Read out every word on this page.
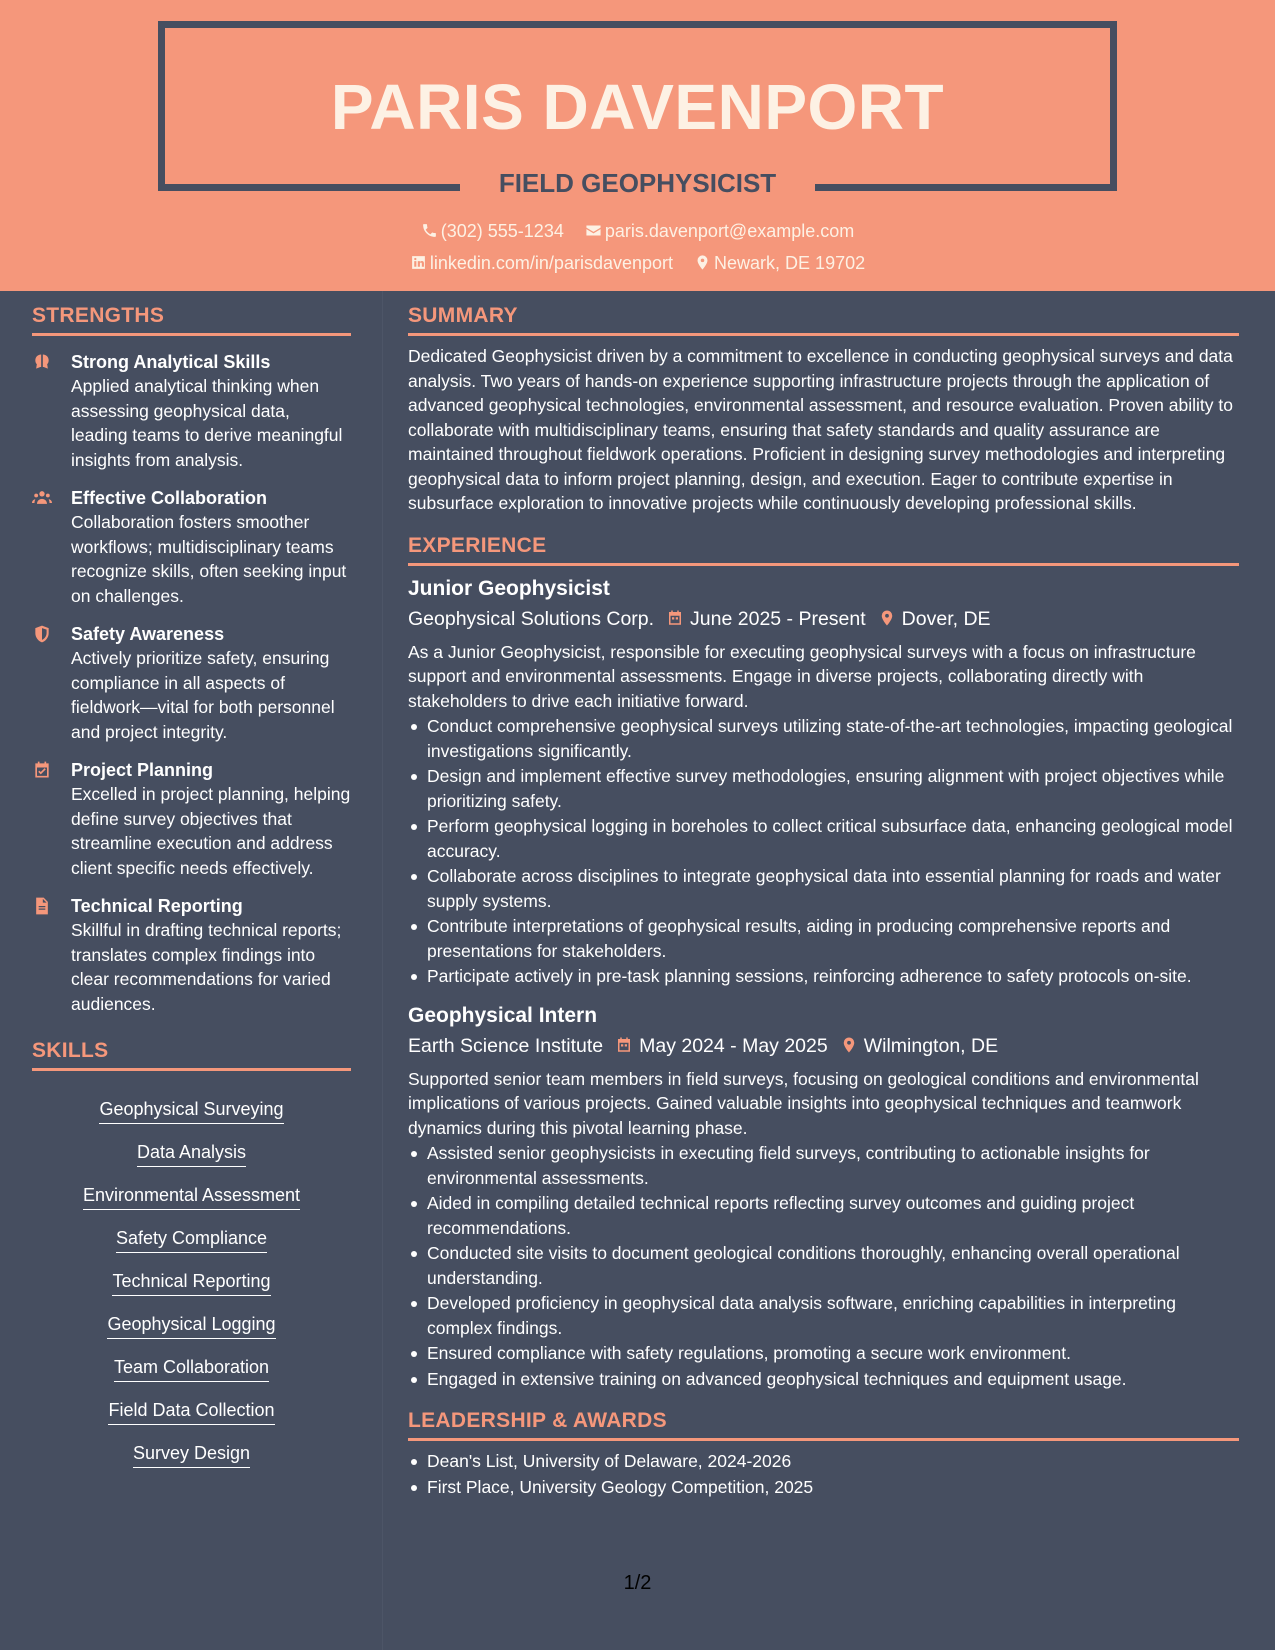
PARIS DAVENPORT
FIELD GEOPHYSICIST
(302) 555-1234 paris.davenport@example.com
linkedin.com/in/parisdavenport Newark, DE 19702
STRENGTHS
Strong Analytical Skills
Applied analytical thinking when assessing geophysical data, leading teams to derive meaningful insights from analysis.
Effective Collaboration
Collaboration fosters smoother workflows; multidisciplinary teams recognize skills, often seeking input on challenges.
Safety Awareness
Actively prioritize safety, ensuring compliance in all aspects of fieldwork—vital for both personnel and project integrity.
Project Planning
Excelled in project planning, helping define survey objectives that streamline execution and address client specific needs effectively.
Technical Reporting
Skillful in drafting technical reports; translates complex findings into clear recommendations for varied audiences.
SKILLS
Geophysical Surveying
Data Analysis
Environmental Assessment
Safety Compliance
Technical Reporting
Geophysical Logging
Team Collaboration
Field Data Collection
Survey Design
SUMMARY
Dedicated Geophysicist driven by a commitment to excellence in conducting geophysical surveys and data analysis. Two years of hands-on experience supporting infrastructure projects through the application of advanced geophysical technologies, environmental assessment, and resource evaluation. Proven ability to collaborate with multidisciplinary teams, ensuring that safety standards and quality assurance are maintained throughout fieldwork operations. Proficient in designing survey methodologies and interpreting geophysical data to inform project planning, design, and execution. Eager to contribute expertise in subsurface exploration to innovative projects while continuously developing professional skills.
EXPERIENCE
Junior Geophysicist
Geophysical Solutions Corp. June 2025 - Present Dover, DE
As a Junior Geophysicist, responsible for executing geophysical surveys with a focus on infrastructure support and environmental assessments. Engage in diverse projects, collaborating directly with stakeholders to drive each initiative forward.
Conduct comprehensive geophysical surveys utilizing state-of-the-art technologies, impacting geological investigations significantly.
Design and implement effective survey methodologies, ensuring alignment with project objectives while prioritizing safety.
Perform geophysical logging in boreholes to collect critical subsurface data, enhancing geological model accuracy.
Collaborate across disciplines to integrate geophysical data into essential planning for roads and water supply systems.
Contribute interpretations of geophysical results, aiding in producing comprehensive reports and presentations for stakeholders.
Participate actively in pre-task planning sessions, reinforcing adherence to safety protocols on-site.
Geophysical Intern
Earth Science Institute May 2024 - May 2025 Wilmington, DE
Supported senior team members in field surveys, focusing on geological conditions and environmental implications of various projects. Gained valuable insights into geophysical techniques and teamwork dynamics during this pivotal learning phase.
Assisted senior geophysicists in executing field surveys, contributing to actionable insights for environmental assessments.
Aided in compiling detailed technical reports reflecting survey outcomes and guiding project recommendations.
Conducted site visits to document geological conditions thoroughly, enhancing overall operational understanding.
Developed proficiency in geophysical data analysis software, enriching capabilities in interpreting complex findings.
Ensured compliance with safety regulations, promoting a secure work environment.
Engaged in extensive training on advanced geophysical techniques and equipment usage.
LEADERSHIP & AWARDS
Dean's List, University of Delaware, 2024-2026
First Place, University Geology Competition, 2025
1/2
